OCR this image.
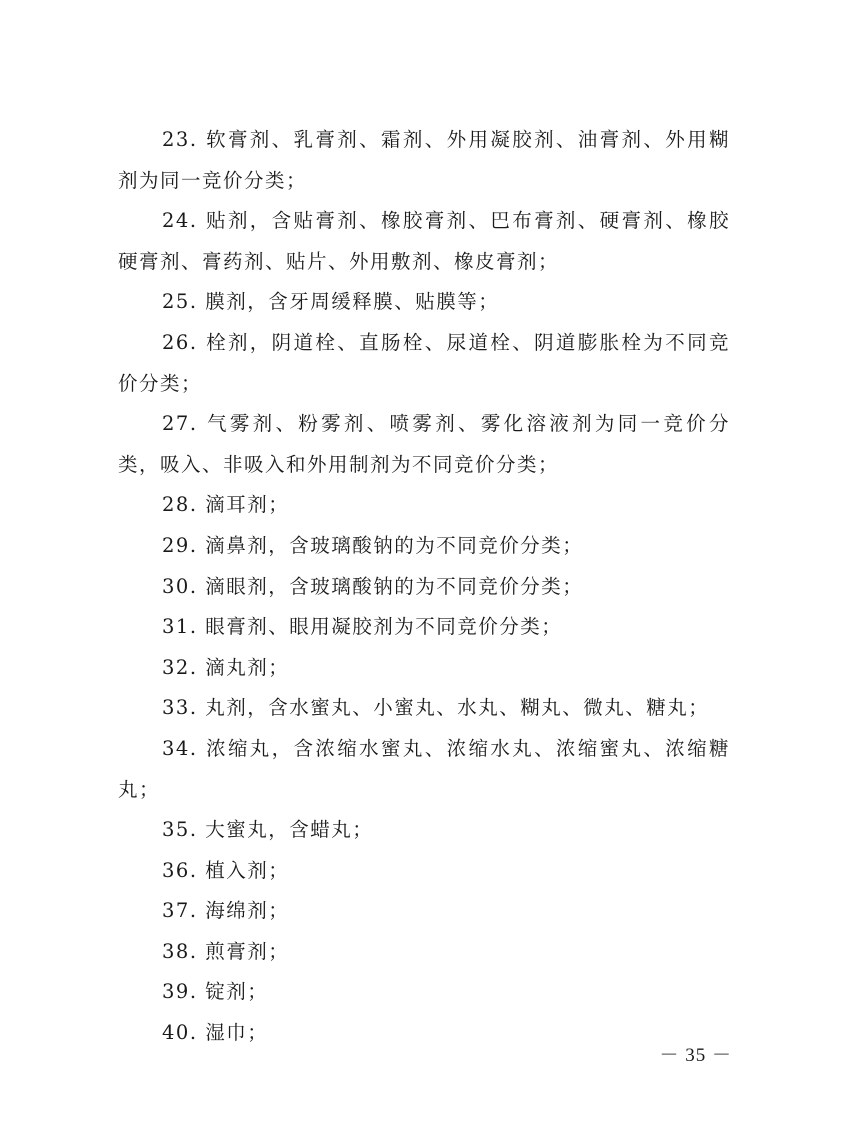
23. 软膏剂、乳膏剂、霜剂、外用凝胶剂、油膏剂、外用糊剂为同一竞价分类；

24. 贴剂，含贴膏剂、橡胶膏剂、巴布膏剂、硬膏剂、橡胶硬膏剂、膏药剂、贴片、外用敷剂、橡皮膏剂；

25. 膜剂，含牙周缓释膜、贴膜等；

26. 栓剂，阴道栓、直肠栓、尿道栓、阴道膨胀栓为不同竞价分类；

27. 气雾剂、粉雾剂、喷雾剂、雾化溶液剂为同一竞价分类，吸入、非吸入和外用制剂为不同竞价分类；

28. 滴耳剂；

29. 滴鼻剂，含玻璃酸钠的为不同竞价分类；

30. 滴眼剂，含玻璃酸钠的为不同竞价分类；

31. 眼膏剂、眼用凝胶剂为不同竞价分类；

32. 滴丸剂；

33. 丸剂，含水蜜丸、小蜜丸、水丸、糊丸、微丸、糖丸；

34. 浓缩丸，含浓缩水蜜丸、浓缩水丸、浓缩蜜丸、浓缩糖丸；

35. 大蜜丸，含蜡丸；

36. 植入剂；

37. 海绵剂；

38. 煎膏剂；

39. 锭剂；

40. 湿巾；

－ 35 －
